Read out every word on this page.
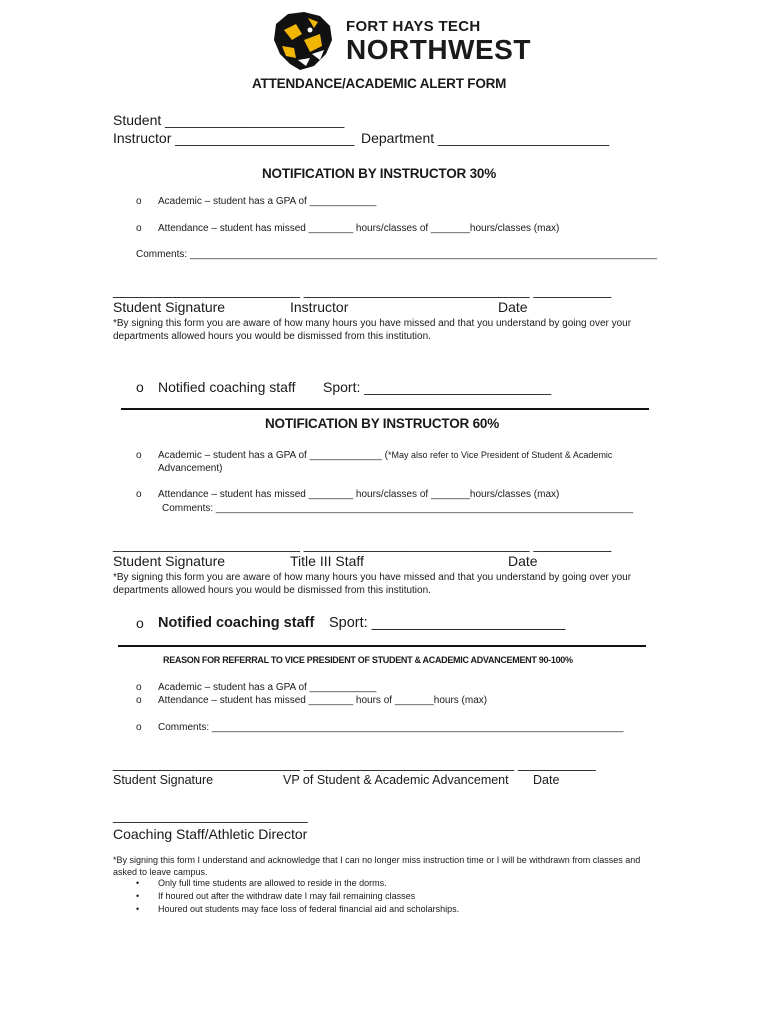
FORT HAYS TECH
NORTHWEST
ATTENDANCE/ACADEMIC ALERT FORM
Student _______________________
Instructor _______________________ Department ______________________
NOTIFICATION BY INSTRUCTOR 30%
o Academic – student has a GPA of ____________
o Attendance – student has missed ________ hours/classes of _______hours/classes (max)
Comments: ____________________________________________________________________________________
________________________ _____________________________ __________
Student Signature	Instructor	Date
*By signing this form you are aware of how many hours you have missed and that you understand by going over your departments allowed hours you would be dismissed from this institution.
o Notified coaching staff Sport: ________________________
NOTIFICATION BY INSTRUCTOR 60%
o Academic – student has a GPA of _____________ (*May also refer to Vice President of Student & Academic
Advancement)
o Attendance – student has missed ________ hours/classes of _______hours/classes (max)
Comments: ___________________________________________________________________________
________________________ _____________________________ __________
Student Signature	Title III Staff	Date
*By signing this form you are aware of how many hours you have missed and that you understand by going over your departments allowed hours you would be dismissed from this institution.
o Notified coaching staff Sport: ________________________
REASON FOR REFERRAL TO VICE PRESIDENT OF STUDENT & ACADEMIC ADVANCEMENT 90-100%
o Academic – student has a GPA of ____________
o Attendance – student has missed ________ hours of _______hours (max)
o Comments: __________________________________________________________________________
________________________ ___________________________ __________
Student Signature	VP of Student & Academic Advancement Date
_________________________
Coaching Staff/Athletic Director
*By signing this form I understand and acknowledge that I can no longer miss instruction time or I will be withdrawn from classes and asked to leave campus.
• Only full time students are allowed to reside in the dorms.
• If houred out after the withdraw date I may fail remaining classes
• Houred out students may face loss of federal financial aid and scholarships.
